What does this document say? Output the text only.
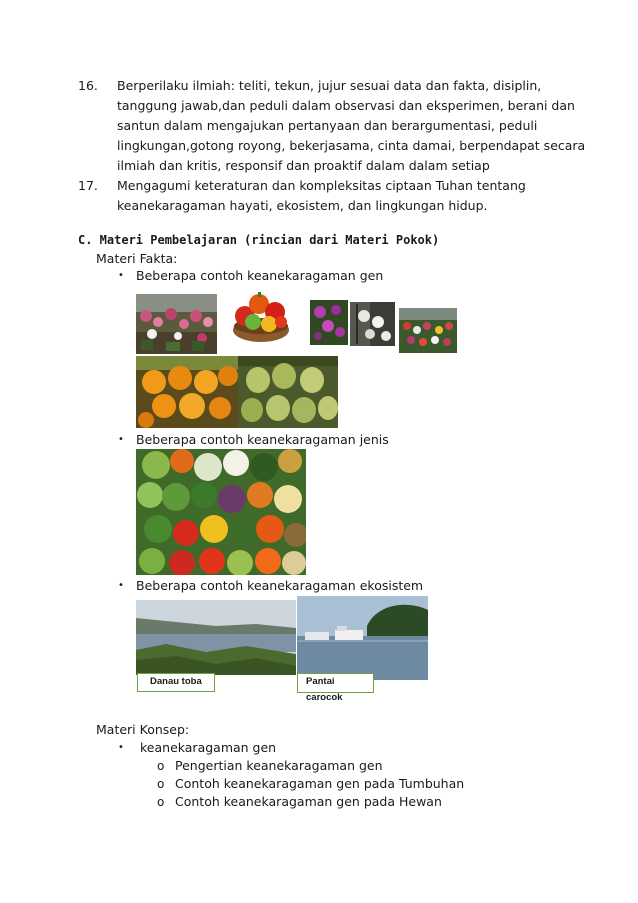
16. Berperilaku ilmiah: teliti, tekun, jujur sesuai data dan fakta, disiplin,
tanggung jawab,dan peduli dalam observasi dan eksperimen, berani dan
santun dalam mengajukan pertanyaan dan berargumentasi, peduli
lingkungan,gotong royong, bekerjasama, cinta damai, berpendapat secara
ilmiah dan kritis, responsif dan proaktif dalam dalam setiap
17. Mengagumi keteraturan dan kompleksitas ciptaan Tuhan tentang
keanekaragaman hayati, ekosistem, dan lingkungan hidup.
C. Materi Pembelajaran (rincian dari Materi Pokok)
Materi Fakta:
• Beberapa contoh keanekaragaman gen
• Beberapa contoh keanekaragaman jenis
• Beberapa contoh keanekaragaman ekosistem
Danau toba	Pantai carocok
Materi Konsep:
• keanekaragaman gen
o Pengertian keanekaragaman gen
o Contoh keanekaragaman gen pada Tumbuhan
o Contoh keanekaragaman gen pada Hewan
